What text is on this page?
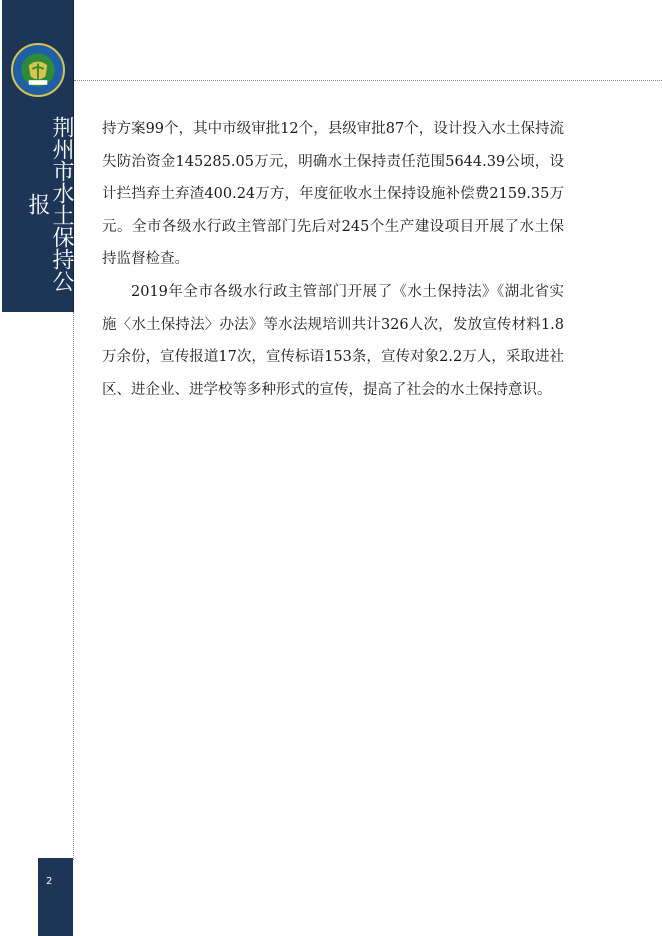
荆州市水土保持公报

持方案99个，其中市级审批12个，县级审批87个，设计投入水土保持流失防治资金145285.05万元，明确水土保持责任范围5644.39公顷，设计拦挡弃土弃渣400.24万方，年度征收水土保持设施补偿费2159.35万元。全市各级水行政主管部门先后对245个生产建设项目开展了水土保持监督检查。

2019年全市各级水行政主管部门开展了《水土保持法》《湖北省实施〈水土保持法〉办法》等水法规培训共计326人次，发放宣传材料1.8万余份，宣传报道17次，宣传标语153条，宣传对象2.2万人，采取进社区、进企业、进学校等多种形式的宣传，提高了社会的水土保持意识。

2
